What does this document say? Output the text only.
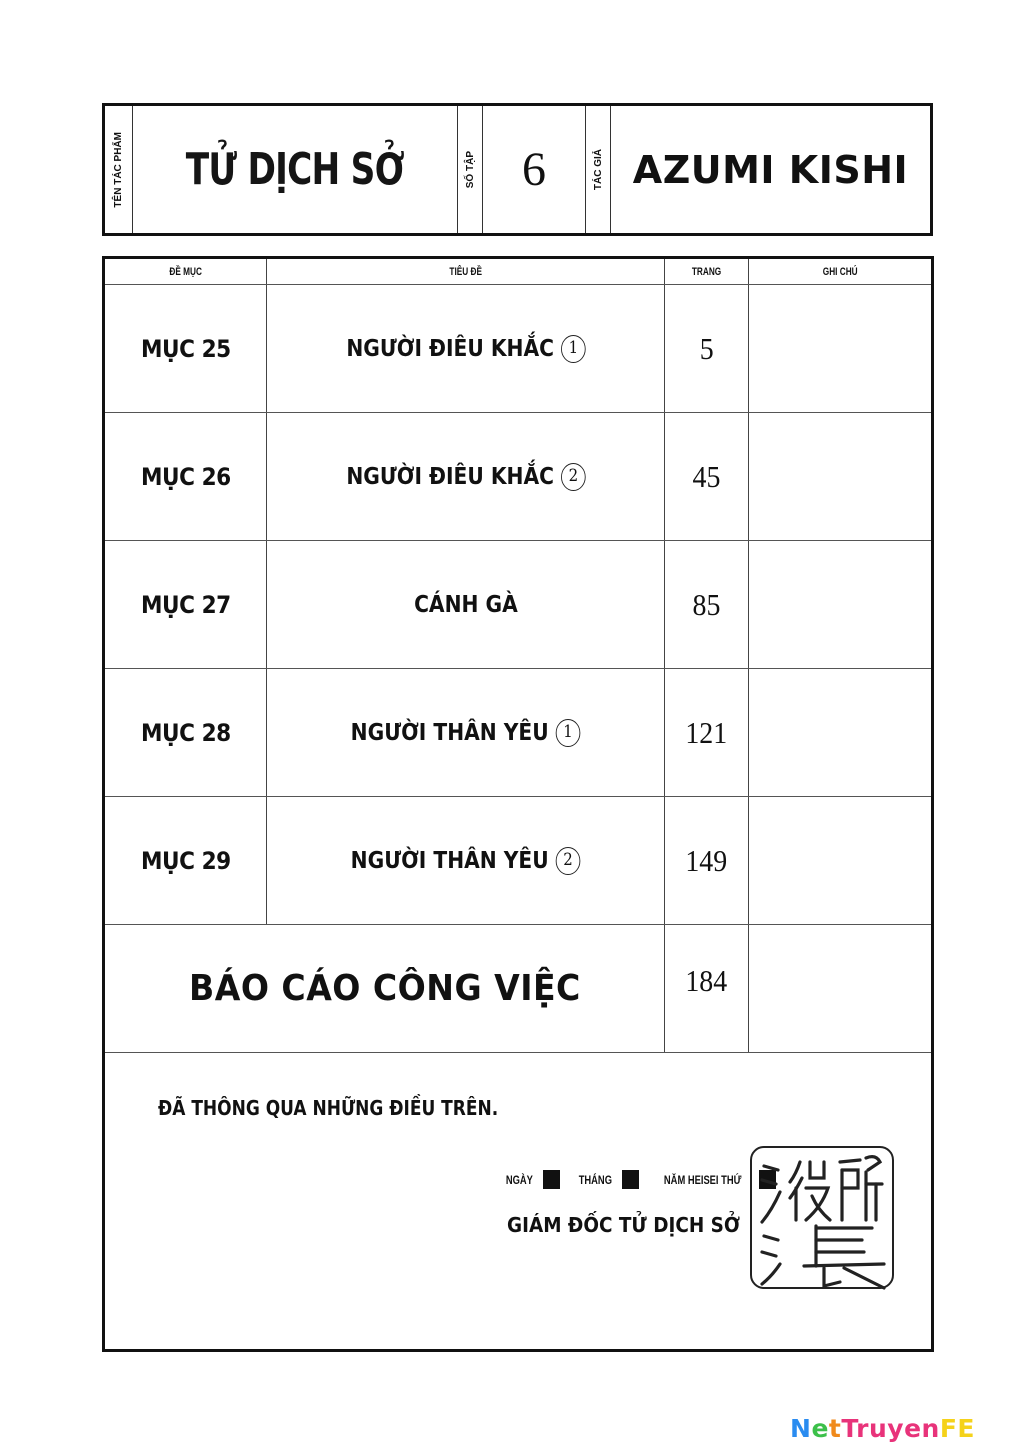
TÊN TÁC PHẨM TỬ DỊCH SỞ	SỐ TẬP 6	TÁC GIẢ AZUMI KISHI
ĐỀ MỤC	TIÊU ĐỀ	TRANG	GHI CHÚ
MỤC 25	NGƯỜI ĐIÊU KHẮC 1	5
MỤC 26	NGƯỜI ĐIÊU KHẮC 2	45
MỤC 27	CÁNH GÀ	85
MỤC 28	NGƯỜI THÂN YÊU 1	121
MỤC 29	NGƯỜI THÂN YÊU 2	149
BÁO CÁO CÔNG VIỆC	184
ĐÃ THÔNG QUA NHỮNG ĐIỀU TRÊN.
NGÀY	THÁNG	NĂM HEISEI THỨ
GIÁM ĐỐC TỬ DỊCH SỞ
N e t Truyen FE
